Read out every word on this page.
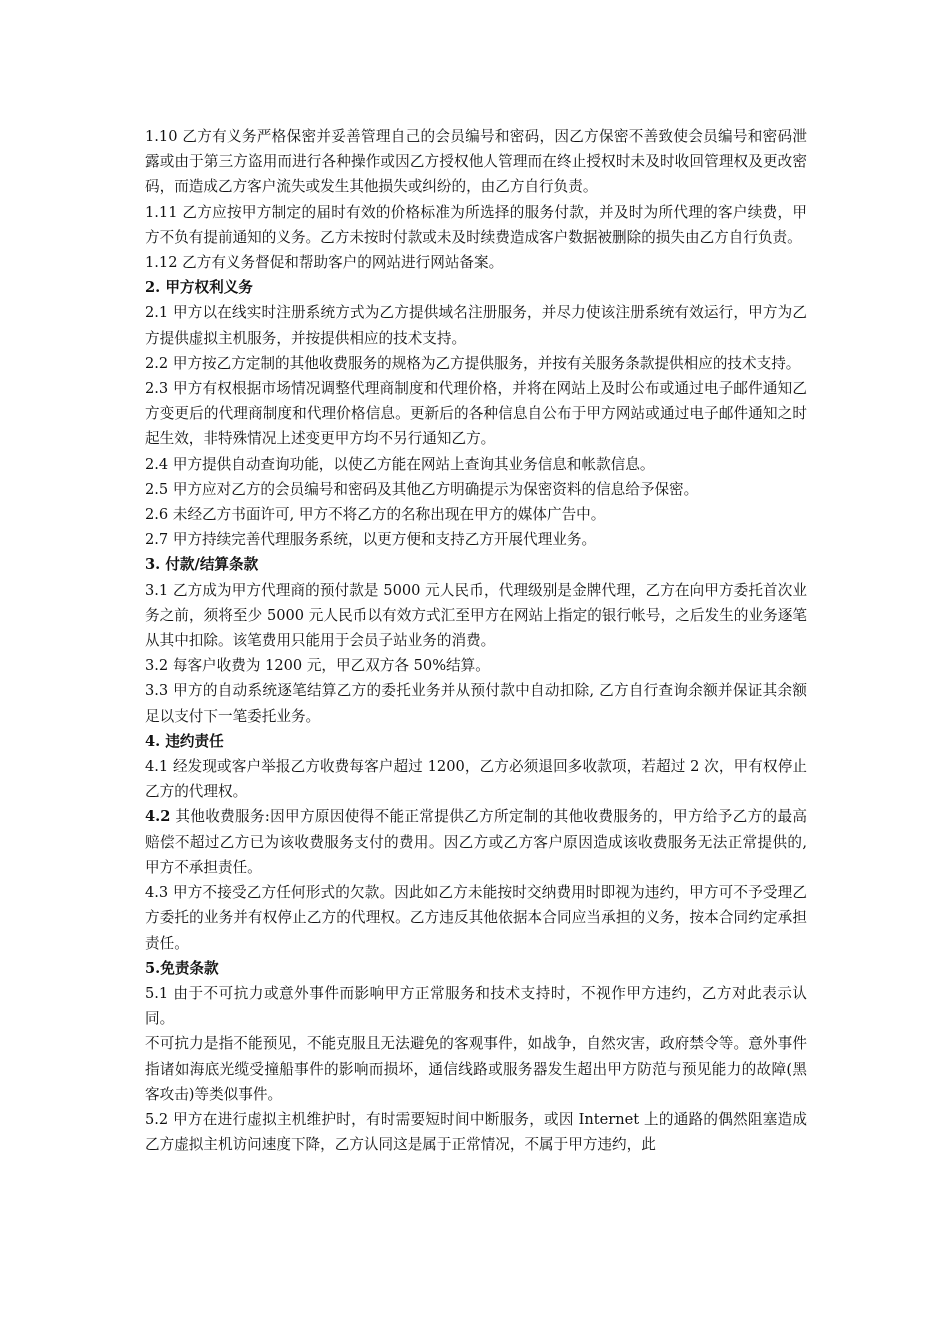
1.10 乙方有义务严格保密并妥善管理自己的会员编号和密码，因乙方保密不善致使会员编号和密码泄露或由于第三方盗用而进行各种操作或因乙方授权他人管理而在终止授权时未及时收回管理权及更改密码，而造成乙方客户流失或发生其他损失或纠纷的，由乙方自行负责。

1.11 乙方应按甲方制定的届时有效的价格标准为所选择的服务付款，并及时为所代理的客户续费，甲方不负有提前通知的义务。乙方未按时付款或未及时续费造成客户数据被删除的损失由乙方自行负责。

1.12 乙方有义务督促和帮助客户的网站进行网站备案。

2. 甲方权利义务

2.1 甲方以在线实时注册系统方式为乙方提供域名注册服务，并尽力使该注册系统有效运行，甲方为乙方提供虚拟主机服务，并按提供相应的技术支持。

2.2 甲方按乙方定制的其他收费服务的规格为乙方提供服务，并按有关服务条款提供相应的技术支持。

2.3 甲方有权根据市场情况调整代理商制度和代理价格，并将在网站上及时公布或通过电子邮件通知乙方变更后的代理商制度和代理价格信息。更新后的各种信息自公布于甲方网站或通过电子邮件通知之时起生效，非特殊情况上述变更甲方均不另行通知乙方。

2.4 甲方提供自动查询功能，以使乙方能在网站上查询其业务信息和帐款信息。

2.5 甲方应对乙方的会员编号和密码及其他乙方明确提示为保密资料的信息给予保密。

2.6 未经乙方书面许可, 甲方不将乙方的名称出现在甲方的媒体广告中。

2.7 甲方持续完善代理服务系统，以更方便和支持乙方开展代理业务。

3. 付款/结算条款

3.1 乙方成为甲方代理商的预付款是 5000 元人民币，代理级别是金牌代理，乙方在向甲方委托首次业务之前，须将至少 5000 元人民币以有效方式汇至甲方在网站上指定的银行帐号，之后发生的业务逐笔从其中扣除。该笔费用只能用于会员子站业务的消费。

3.2 每客户收费为 1200 元，甲乙双方各 50%结算。

3.3 甲方的自动系统逐笔结算乙方的委托业务并从预付款中自动扣除, 乙方自行查询余额并保证其余额足以支付下一笔委托业务。

4. 违约责任

4.1 经发现或客户举报乙方收费每客户超过 1200，乙方必须退回多收款项，若超过 2 次，甲有权停止乙方的代理权。

4.2 其他收费服务:因甲方原因使得不能正常提供乙方所定制的其他收费服务的，甲方给予乙方的最高赔偿不超过乙方已为该收费服务支付的费用。因乙方或乙方客户原因造成该收费服务无法正常提供的, 甲方不承担责任。

4.3 甲方不接受乙方任何形式的欠款。因此如乙方未能按时交纳费用时即视为违约，甲方可不予受理乙方委托的业务并有权停止乙方的代理权。乙方违反其他依据本合同应当承担的义务，按本合同约定承担责任。

5.免责条款

5.1 由于不可抗力或意外事件而影响甲方正常服务和技术支持时，不视作甲方违约，乙方对此表示认同。

不可抗力是指不能预见，不能克服且无法避免的客观事件，如战争，自然灾害，政府禁令等。意外事件指诸如海底光缆受撞船事件的影响而损坏，通信线路或服务器发生超出甲方防范与预见能力的故障(黑客攻击)等类似事件。

5.2 甲方在进行虚拟主机维护时，有时需要短时间中断服务，或因 Internet 上的通路的偶然阻塞造成乙方虚拟主机访问速度下降，乙方认同这是属于正常情况，不属于甲方违约，此
